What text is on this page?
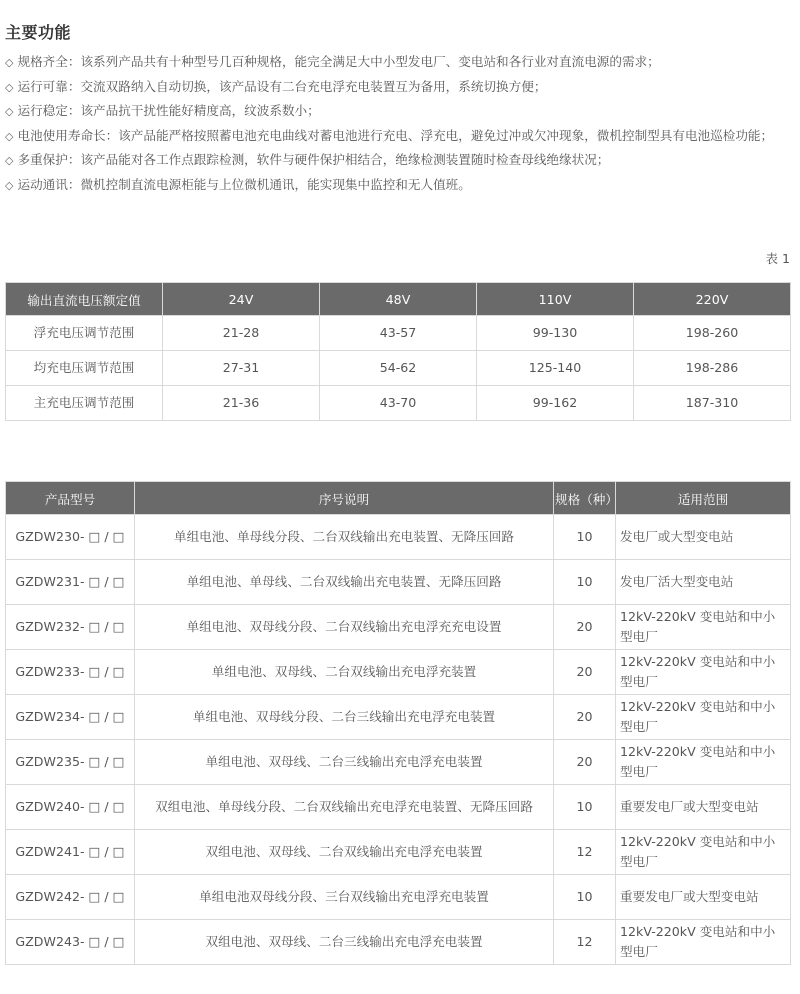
主要功能
◇ 规格齐全：该系列产品共有十种型号几百种规格，能完全满足大中小型发电厂、变电站和各行业对直流电源的需求；
◇ 运行可靠：交流双路纳入自动切换，该产品设有二台充电浮充电装置互为备用，系统切换方便；
◇ 运行稳定：该产品抗干扰性能好精度高，纹波系数小；
◇ 电池使用寿命长：该产品能严格按照蓄电池充电曲线对蓄电池进行充电、浮充电，避免过冲或欠冲现象，微机控制型具有电池巡检功能；
◇ 多重保护：该产品能对各工作点跟踪检测，软件与硬件保护相结合，绝缘检测装置随时检查母线绝缘状况；
◇ 运动通讯：微机控制直流电源柜能与上位微机通讯，能实现集中监控和无人值班。
表 1
输出直流电压额定值	24V	48V	110V	220V
浮充电压调节范围	21-28	43-57	99-130	198-260
均充电压调节范围	27-31	54-62	125-140	198-286
主充电压调节范围	21-36	43-70	99-162	187-310
产品型号	序号说明	规格（种）	适用范围
GZDW230- □ / □	单组电池、单母线分段、二台双线输出充电装置、无降压回路	10	发电厂或大型变电站
GZDW231- □ / □	单组电池、单母线、二台双线输出充电装置、无降压回路	10	发电厂活大型变电站
GZDW232- □ / □	单组电池、双母线分段、二台双线输出充电浮充充电设置	20	12kV-220kV 变电站和中小型电厂
GZDW233- □ / □	单组电池、双母线、二台双线输出充电浮充装置	20	12kV-220kV 变电站和中小型电厂
GZDW234- □ / □	单组电池、双母线分段、二台三线输出充电浮充电装置	20	12kV-220kV 变电站和中小型电厂
GZDW235- □ / □	单组电池、双母线、二台三线输出充电浮充电装置	20	12kV-220kV 变电站和中小型电厂
GZDW240- □ / □	双组电池、单母线分段、二台双线输出充电浮充电装置、无降压回路	10	重要发电厂或大型变电站
GZDW241- □ / □	双组电池、双母线、二台双线输出充电浮充电装置	12	12kV-220kV 变电站和中小型电厂
GZDW242- □ / □	单组电池双母线分段、三台双线输出充电浮充电装置	10	重要发电厂或大型变电站
GZDW243- □ / □	双组电池、双母线、二台三线输出充电浮充电装置	12	12kV-220kV 变电站和中小型电厂
